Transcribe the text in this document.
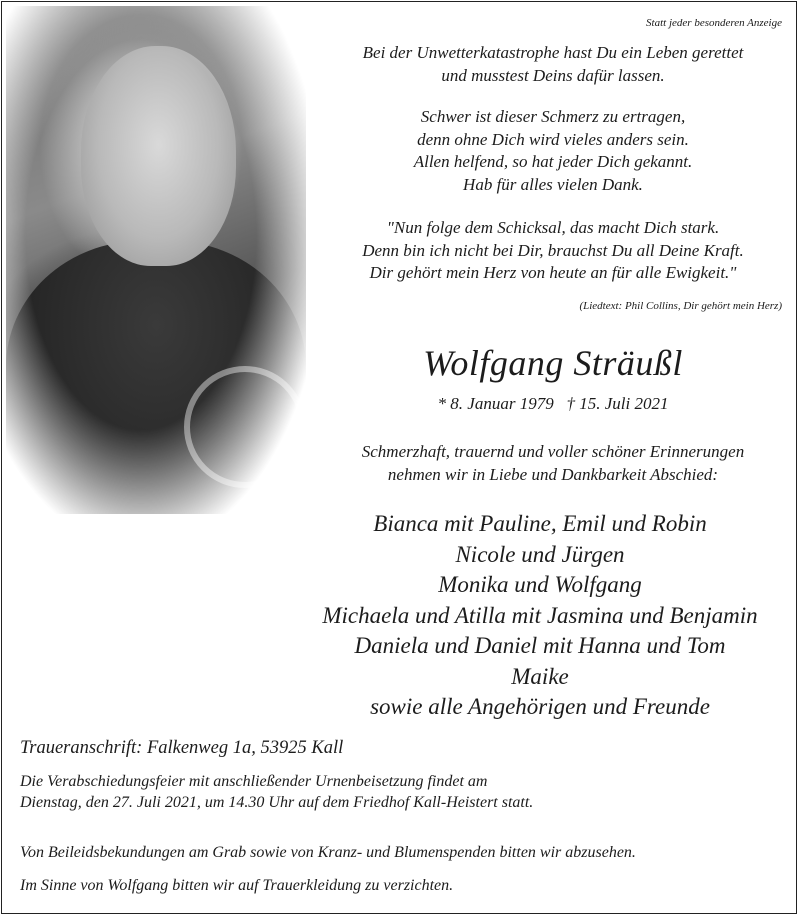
Statt jeder besonderen Anzeige
Bei der Unwetterkatastrophe hast Du ein Leben gerettet
und musstest Deins dafür lassen.
Schwer ist dieser Schmerz zu ertragen,
denn ohne Dich wird vieles anders sein.
Allen helfend, so hat jeder Dich gekannt.
Hab für alles vielen Dank.
"Nun folge dem Schicksal, das macht Dich stark.
Denn bin ich nicht bei Dir, brauchst Du all Deine Kraft.
Dir gehört mein Herz von heute an für alle Ewigkeit."
(Liedtext: Phil Collins, Dir gehört mein Herz)
Wolfgang Sträußl
* 8. Januar 1979   † 15. Juli 2021
Schmerzhaft, trauernd und voller schöner Erinnerungen
nehmen wir in Liebe und Dankbarkeit Abschied:
Bianca mit Pauline, Emil und Robin
Nicole und Jürgen
Monika und Wolfgang
Michaela und Atilla mit Jasmina und Benjamin
Daniela und Daniel mit Hanna und Tom
Maike
sowie alle Angehörigen und Freunde
Traueranschrift: Falkenweg 1a, 53925 Kall
Die Verabschiedungsfeier mit anschließender Urnenbeisetzung findet am
Dienstag, den 27. Juli 2021, um 14.30 Uhr auf dem Friedhof Kall-Heistert statt.
Von Beileidsbekundungen am Grab sowie von Kranz- und Blumenspenden bitten wir abzusehen.
Im Sinne von Wolfgang bitten wir auf Trauerkleidung zu verzichten.
